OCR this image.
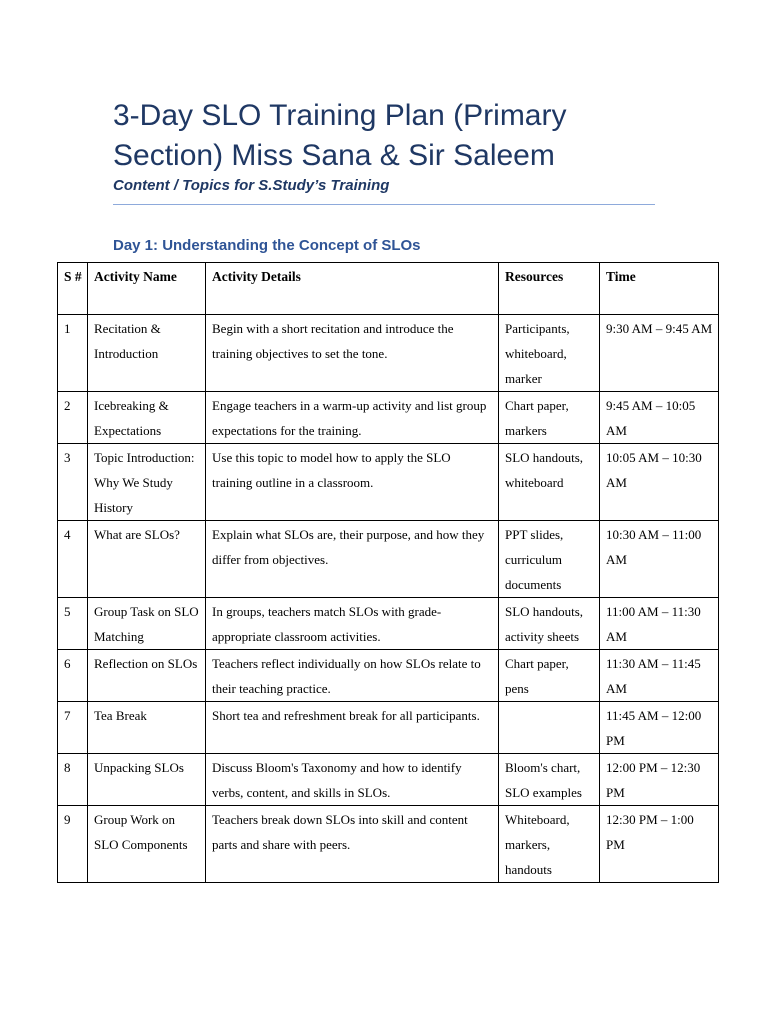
3-Day SLO Training Plan (Primary Section) Miss Sana & Sir Saleem
Content / Topics for S.Study’s Training
Day 1: Understanding the Concept of SLOs
S #	Activity Name	Activity Details	Resources	Time
1	Recitation & Introduction	Begin with a short recitation and introduce the training objectives to set the tone.	Participants, whiteboard, marker	9:30 AM – 9:45 AM
2	Icebreaking & Expectations	Engage teachers in a warm-up activity and list group expectations for the training.	Chart paper, markers	9:45 AM – 10:05 AM
3	Topic Introduction: Why We Study History	Use this topic to model how to apply the SLO training outline in a classroom.	SLO handouts, whiteboard	10:05 AM – 10:30 AM
4	What are SLOs?	Explain what SLOs are, their purpose, and how they differ from objectives.	PPT slides, curriculum documents	10:30 AM – 11:00 AM
5	Group Task on SLO Matching	In groups, teachers match SLOs with grade-appropriate classroom activities.	SLO handouts, activity sheets	11:00 AM – 11:30 AM
6	Reflection on SLOs	Teachers reflect individually on how SLOs relate to their teaching practice.	Chart paper, pens	11:30 AM – 11:45 AM
7	Tea Break	Short tea and refreshment break for all participants.		11:45 AM – 12:00 PM
8	Unpacking SLOs	Discuss Bloom's Taxonomy and how to identify verbs, content, and skills in SLOs.	Bloom's chart, SLO examples	12:00 PM – 12:30 PM
9	Group Work on SLO Components	Teachers break down SLOs into skill and content parts and share with peers.	Whiteboard, markers, handouts	12:30 PM – 1:00 PM
